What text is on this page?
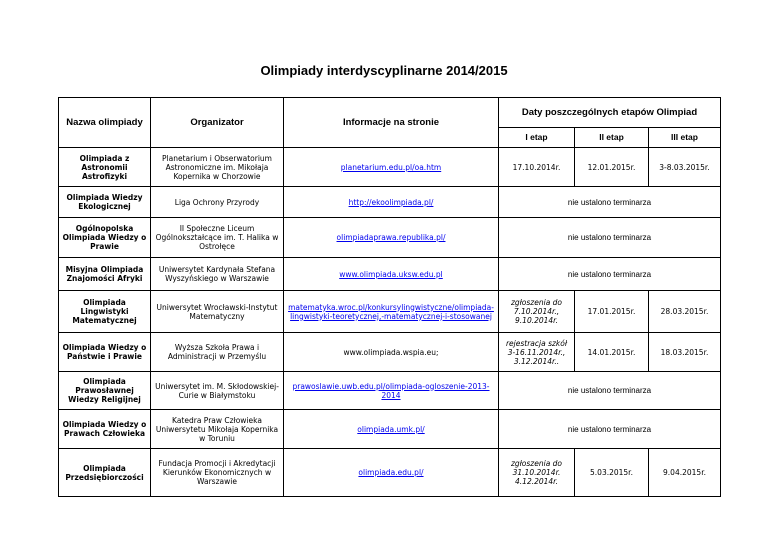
Olimpiady interdyscyplinarne 2014/2015
Nazwa olimpiady	Organizator	Informacje na stronie	Daty poszczególnych etapów Olimpiad		
			I etap	II etap	III etap
Olimpiada z Astronomii Astrofizyki	Planetarium i Obserwatorium Astronomiczne im. Mikołaja Kopernika w Chorzowie	planetarium.edu.pl/oa.htm	17.10.2014r.	12.01.2015r.	3-8.03.2015r.
Olimpiada Wiedzy Ekologicznej	Liga Ochrony Przyrody	http://ekoolimpiada.pl/	nie ustalono terminarza		
Ogólnopolska Olimpiada Wiedzy o Prawie	II Społeczne Liceum Ogólnokształcące im. T. Halika w Ostrołęce	olimpiadaprawa.republika.pl/	nie ustalono terminarza		
Misyjna Olimpiada Znajomości Afryki	Uniwersytet Kardynała Stefana Wyszyńskiego w Warszawie	www.olimpiada.uksw.edu.pl	nie ustalono terminarza		
Olimpiada Lingwistyki Matematycznej	Uniwersytet Wrocławski-Instytut Matematyczny	matematyka.wroc.pl/konkursylingwistyczne/olimpiada-lingwistyki-teoretycznej,-matematycznej-i-stosowanej	zgłoszenia do 7.10.2014r., 9.10.2014r.	17.01.2015r.	28.03.2015r.
Olimpiada Wiedzy o Państwie i Prawie	Wyższa Szkoła Prawa i Administracji w Przemyślu	www.olimpiada.wspia.eu;	rejestracja szkół 3-16.11.2014r., 3.12.2014r..	14.01.2015r.	18.03.2015r.
Olimpiada Prawosławnej Wiedzy Religijnej	Uniwersytet im. M. Skłodowskiej-Curie w Białymstoku	prawoslawie.uwb.edu.pl/olimpiada-ogloszenie-2013-2014	nie ustalono terminarza		
Olimpiada Wiedzy o Prawach Człowieka	Katedra Praw Człowieka Uniwersytetu Mikołaja Kopernika w Toruniu	olimpiada.umk.pl/	nie ustalono terminarza		
Olimpiada Przedsiębiorczości	Fundacja Promocji i Akredytacji Kierunków Ekonomicznych w Warszawie	olimpiada.edu.pl/	zgłoszenia do 31.10.2014r. 4.12.2014r.	5.03.2015r.	9.04.2015r.
